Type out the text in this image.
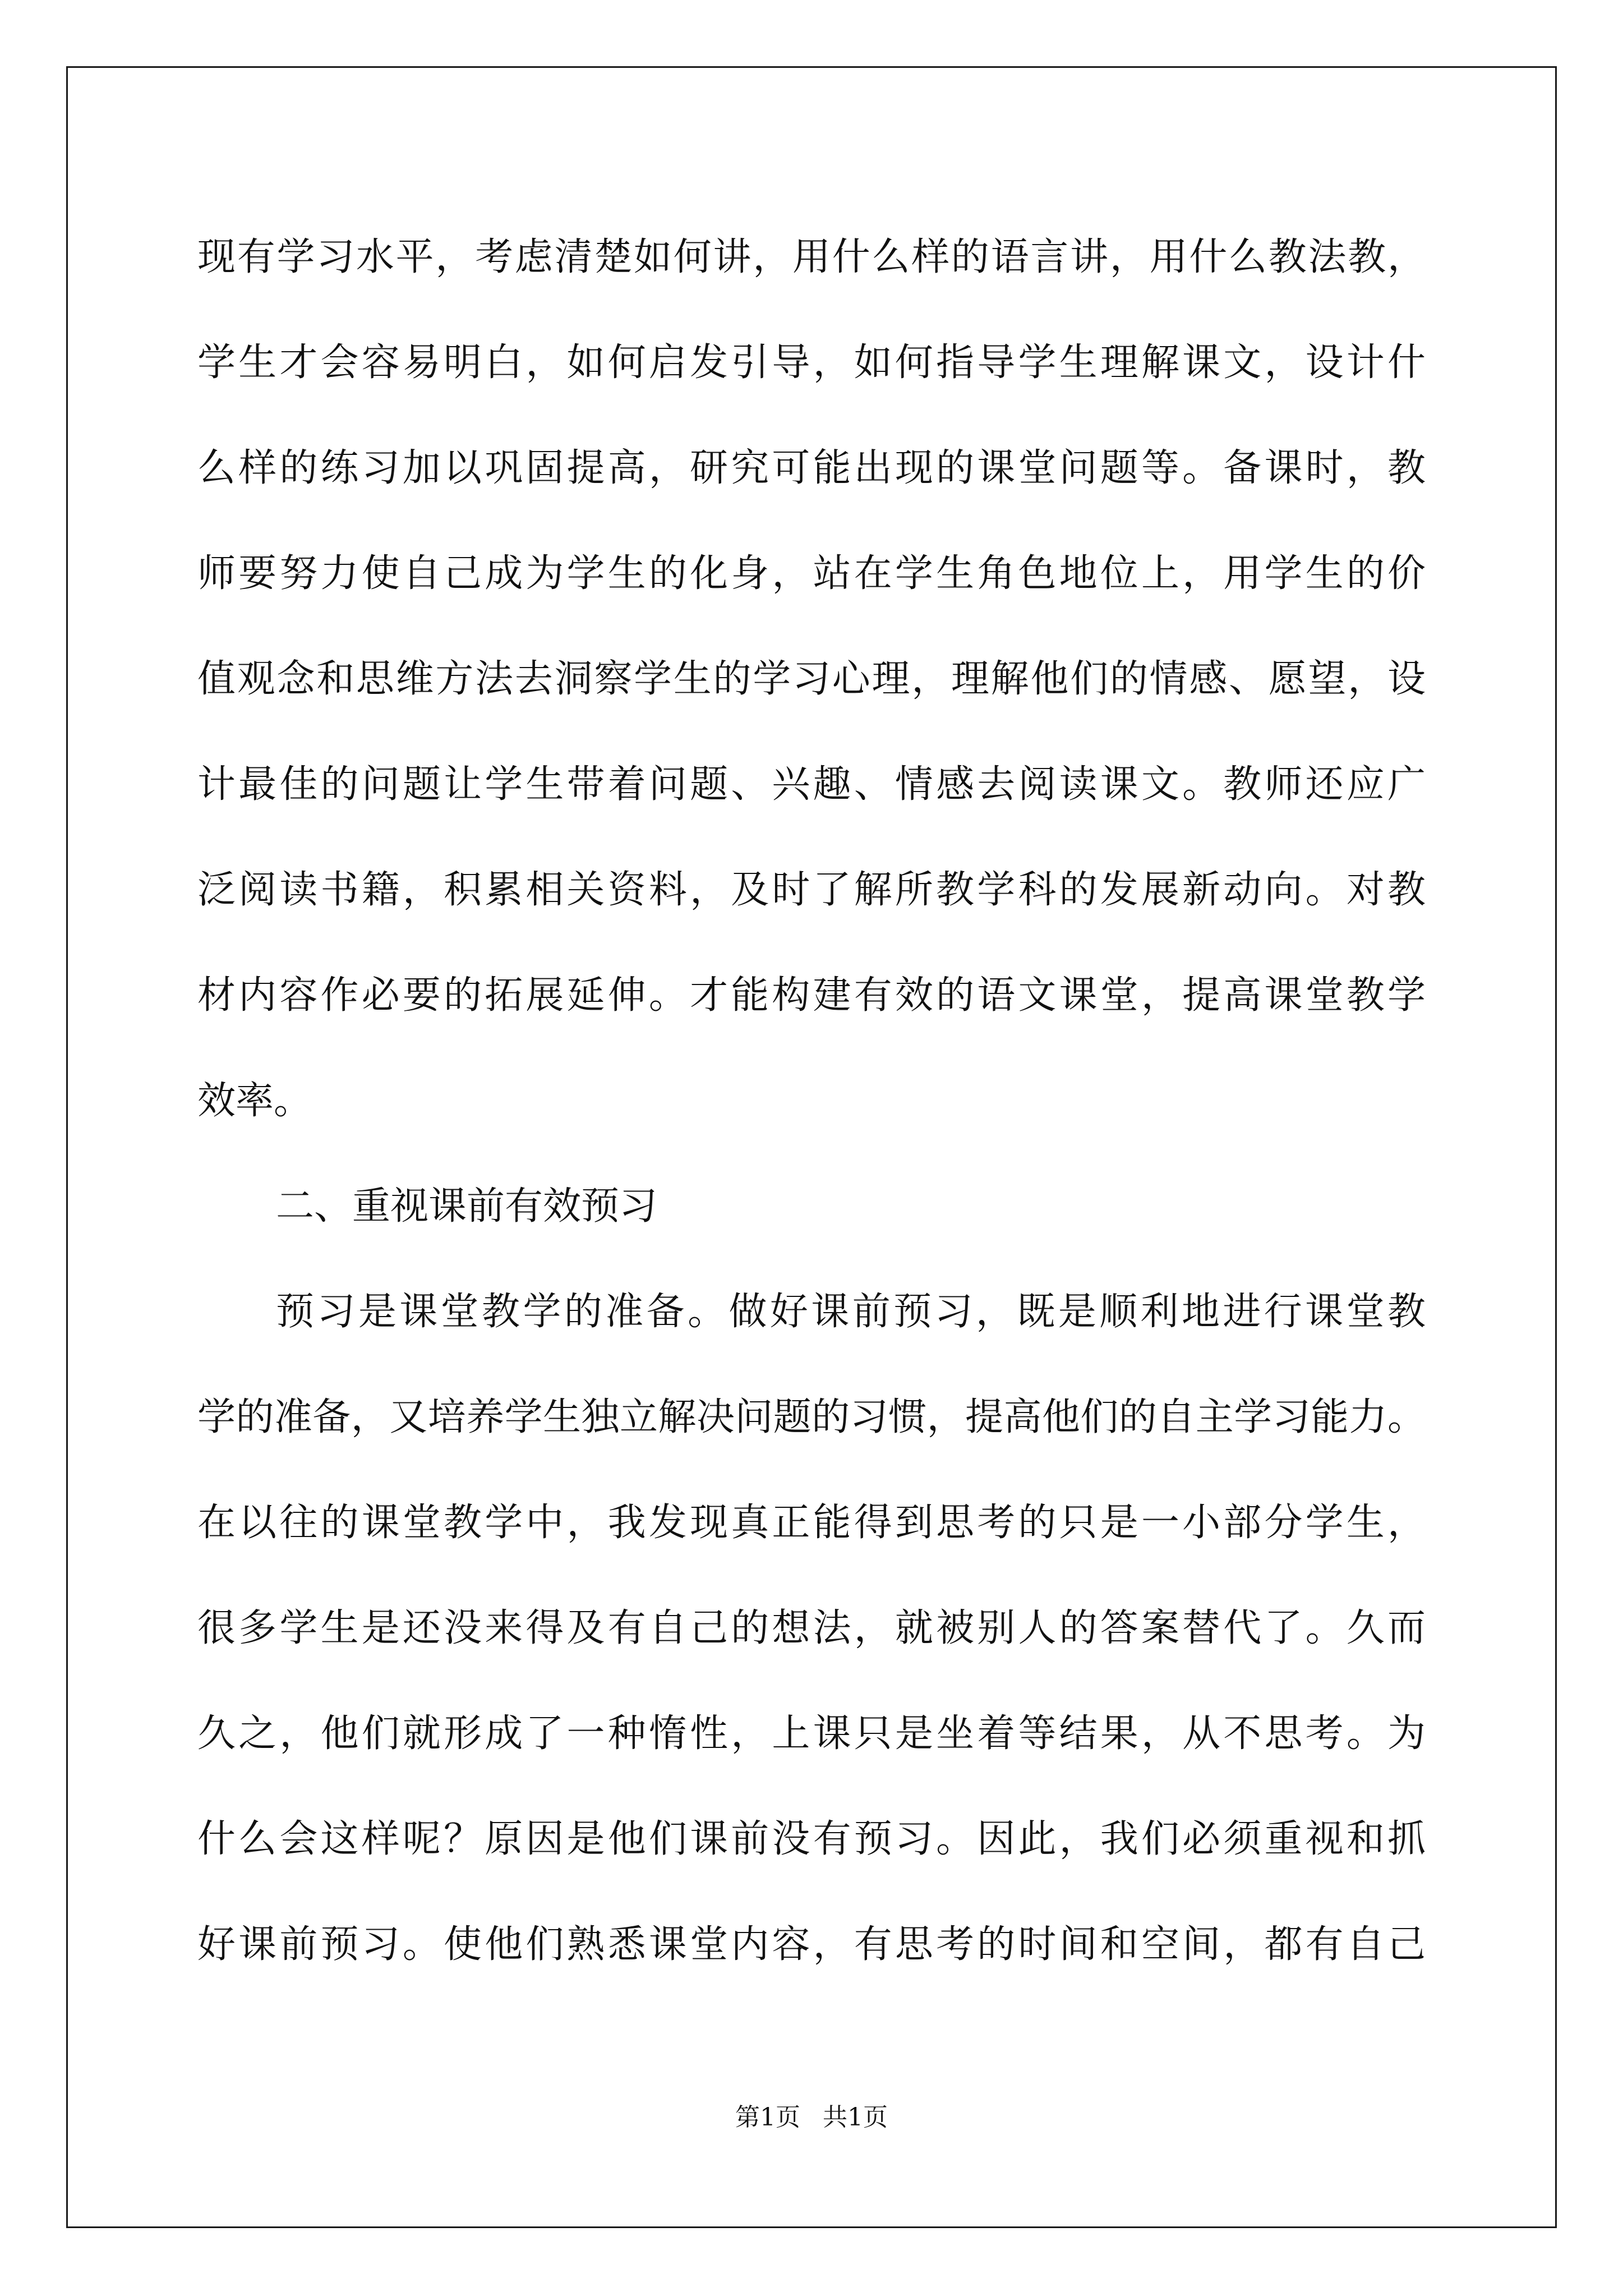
现有学习水平，考虑清楚如何讲，用什么样的语言讲，用什么教法教，
学生才会容易明白，如何启发引导，如何指导学生理解课文，设计什
么样的练习加以巩固提高，研究可能出现的课堂问题等。备课时，教
师要努力使自己成为学生的化身，站在学生角色地位上，用学生的价
值观念和思维方法去洞察学生的学习心理，理解他们的情感、愿望，设
计最佳的问题让学生带着问题、兴趣、情感去阅读课文。教师还应广
泛阅读书籍，积累相关资料，及时了解所教学科的发展新动向。对教
材内容作必要的拓展延伸。才能构建有效的语文课堂，提高课堂教学
效率。
二、重视课前有效预习
预习是课堂教学的准备。做好课前预习，既是顺利地进行课堂教
学的准备，又培养学生独立解决问题的习惯，提高他们的自主学习能力。
在以往的课堂教学中，我发现真正能得到思考的只是一小部分学生，
很多学生是还没来得及有自己的想法，就被别人的答案替代了。久而
久之，他们就形成了一种惰性，上课只是坐着等结果，从不思考。为
什么会这样呢？原因是他们课前没有预习。因此，我们必须重视和抓
好课前预习。使他们熟悉课堂内容，有思考的时间和空间，都有自己
第1页 共1页
